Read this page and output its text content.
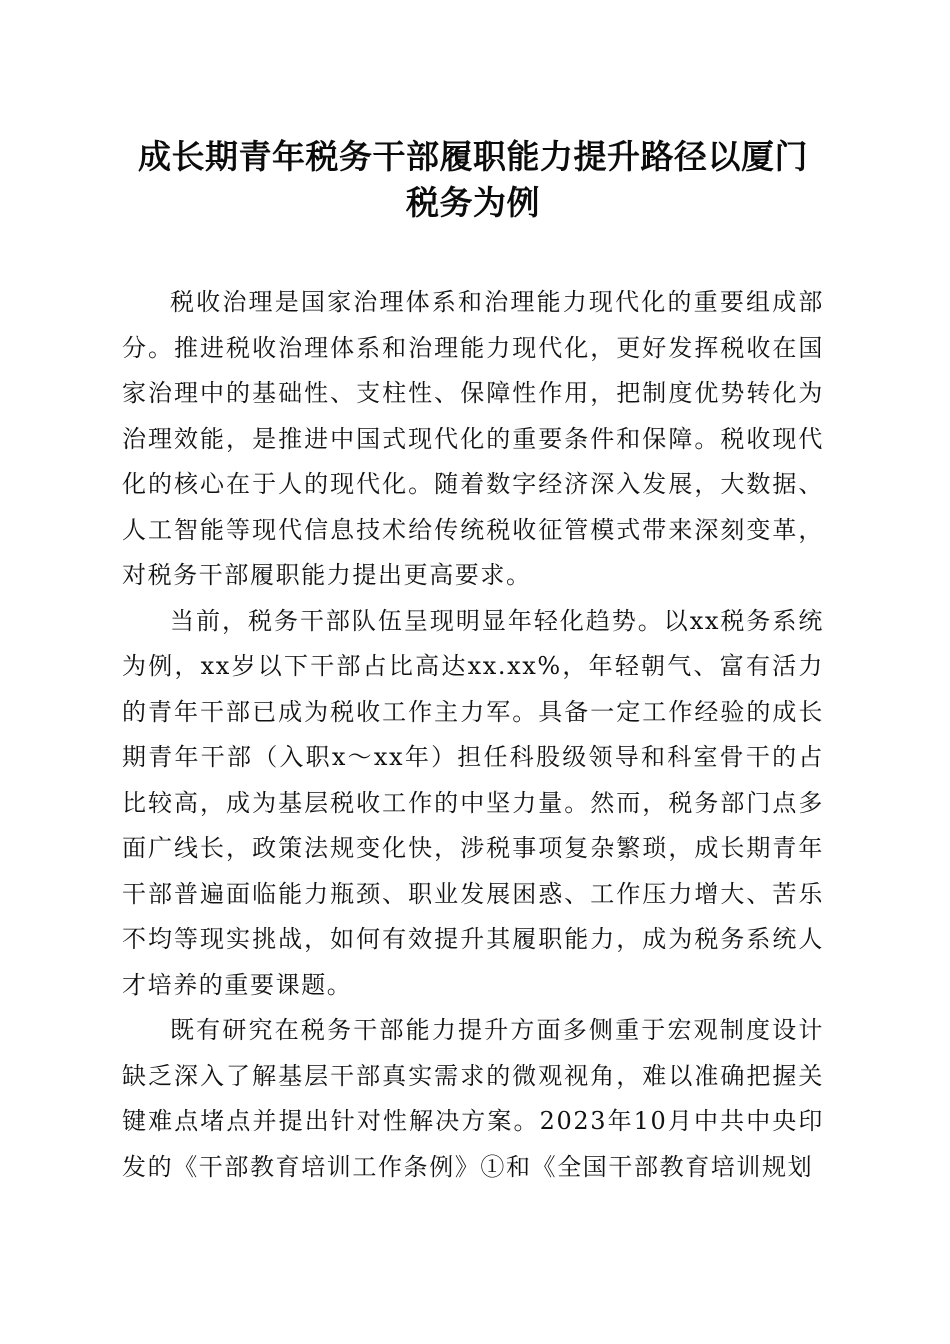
成长期青年税务干部履职能力提升路径以厦门税务为例

税收治理是国家治理体系和治理能力现代化的重要组成部分。推进税收治理体系和治理能力现代化，更好发挥税收在国家治理中的基础性、支柱性、保障性作用，把制度优势转化为治理效能，是推进中国式现代化的重要条件和保障。税收现代化的核心在于人的现代化。随着数字经济深入发展，大数据、人工智能等现代信息技术给传统税收征管模式带来深刻变革，对税务干部履职能力提出更高要求。

当前，税务干部队伍呈现明显年轻化趋势。以xx税务系统为例，xx岁以下干部占比高达xx.xx%，年轻朝气、富有活力的青年干部已成为税收工作主力军。具备一定工作经验的成长期青年干部（入职x～xx年）担任科股级领导和科室骨干的占比较高，成为基层税收工作的中坚力量。然而，税务部门点多面广线长，政策法规变化快，涉税事项复杂繁琐，成长期青年干部普遍面临能力瓶颈、职业发展困惑、工作压力增大、苦乐不均等现实挑战，如何有效提升其履职能力，成为税务系统人才培养的重要课题。

既有研究在税务干部能力提升方面多侧重于宏观制度设计缺乏深入了解基层干部真实需求的微观视角，难以准确把握关键难点堵点并提出针对性解决方案。2023年10月中共中央印发的《干部教育培训工作条例》①和《全国干部教育培训规划
